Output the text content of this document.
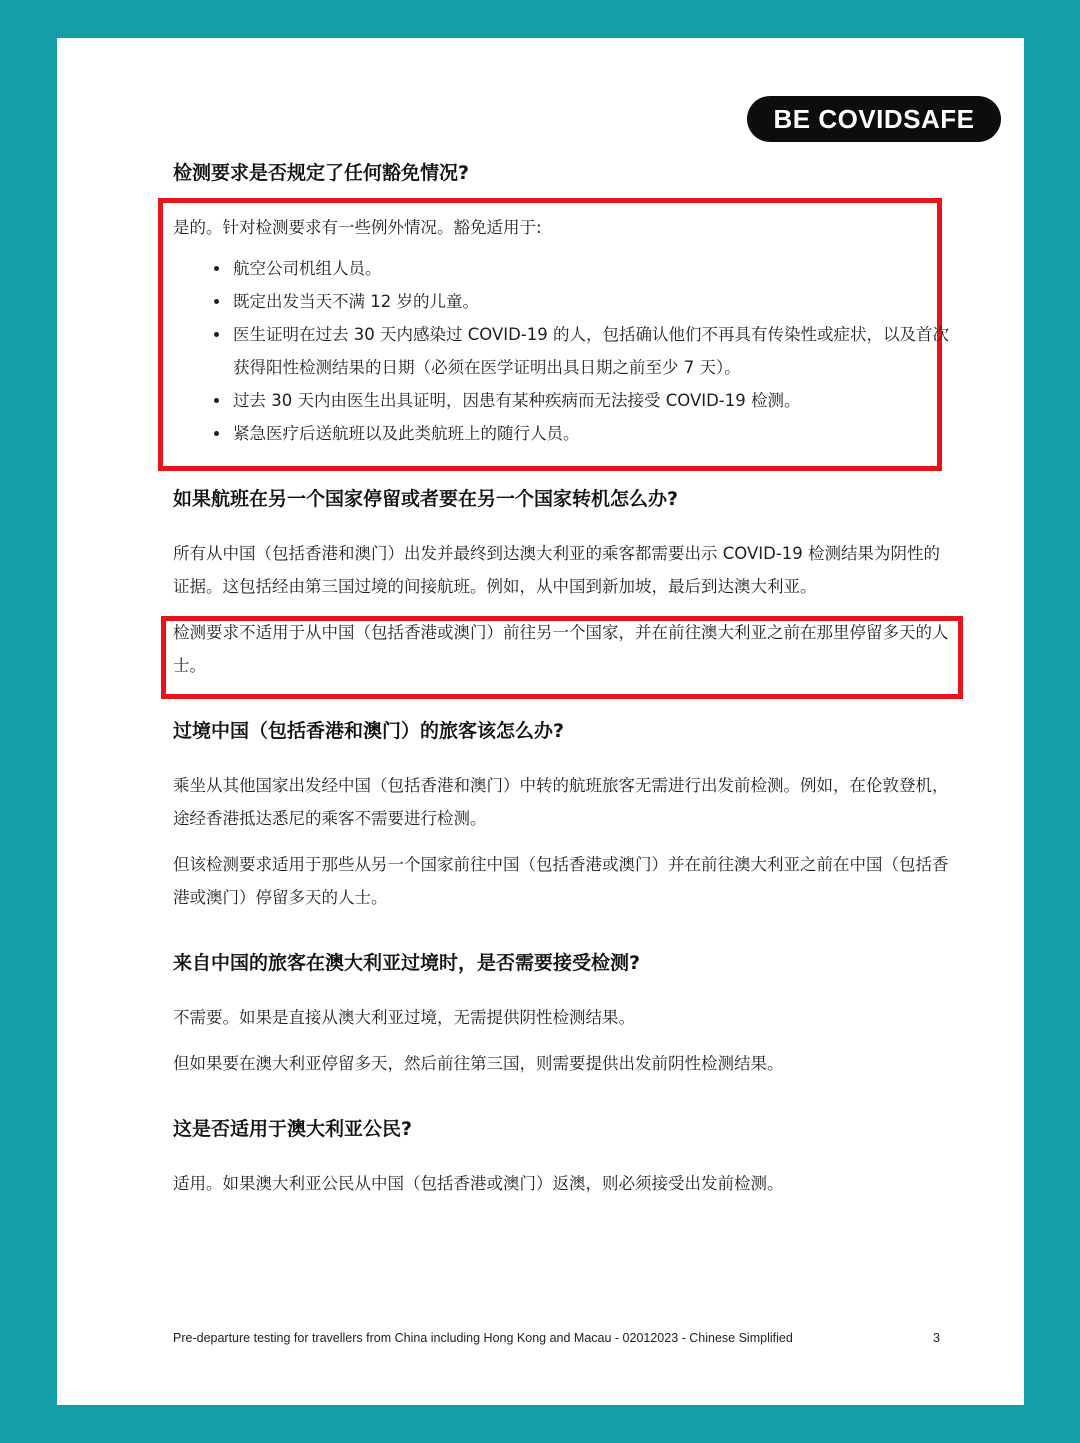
BE COVIDSAFE
检测要求是否规定了任何豁免情况?

是的。针对检测要求有一些例外情况。豁免适用于:

• 航空公司机组人员。
• 既定出发当天不满 12 岁的儿童。
• 医生证明在过去 30 天内感染过 COVID-19 的人，包括确认他们不再具有传染性或症状，以及首次获得阳性检测结果的日期（必须在医学证明出具日期之前至少 7 天）。
• 过去 30 天内由医生出具证明，因患有某种疾病而无法接受 COVID-19 检测。
• 紧急医疗后送航班以及此类航班上的随行人员。
如果航班在另一个国家停留或者要在另一个国家转机怎么办?

所有从中国（包括香港和澳门）出发并最终到达澳大利亚的乘客都需要出示 COVID-19 检测结果为阴性的证据。这包括经由第三国过境的间接航班。例如，从中国到新加坡，最后到达澳大利亚。

检测要求不适用于从中国（包括香港或澳门）前往另一个国家，并在前往澳大利亚之前在那里停留多天的人士。

过境中国（包括香港和澳门）的旅客该怎么办?

乘坐从其他国家出发经中国（包括香港和澳门）中转的航班旅客无需进行出发前检测。例如，在伦敦登机，途经香港抵达悉尼的乘客不需要进行检测。

但该检测要求适用于那些从另一个国家前往中国（包括香港或澳门）并在前往澳大利亚之前在中国（包括香港或澳门）停留多天的人士。

来自中国的旅客在澳大利亚过境时，是否需要接受检测?

不需要。如果是直接从澳大利亚过境，无需提供阴性检测结果。

但如果要在澳大利亚停留多天，然后前往第三国，则需要提供出发前阴性检测结果。

这是否适用于澳大利亚公民?

适用。如果澳大利亚公民从中国（包括香港或澳门）返澳，则必须接受出发前检测。

Pre-departure testing for travellers from China including Hong Kong and Macau - 02012023 - Chinese Simplified	3
